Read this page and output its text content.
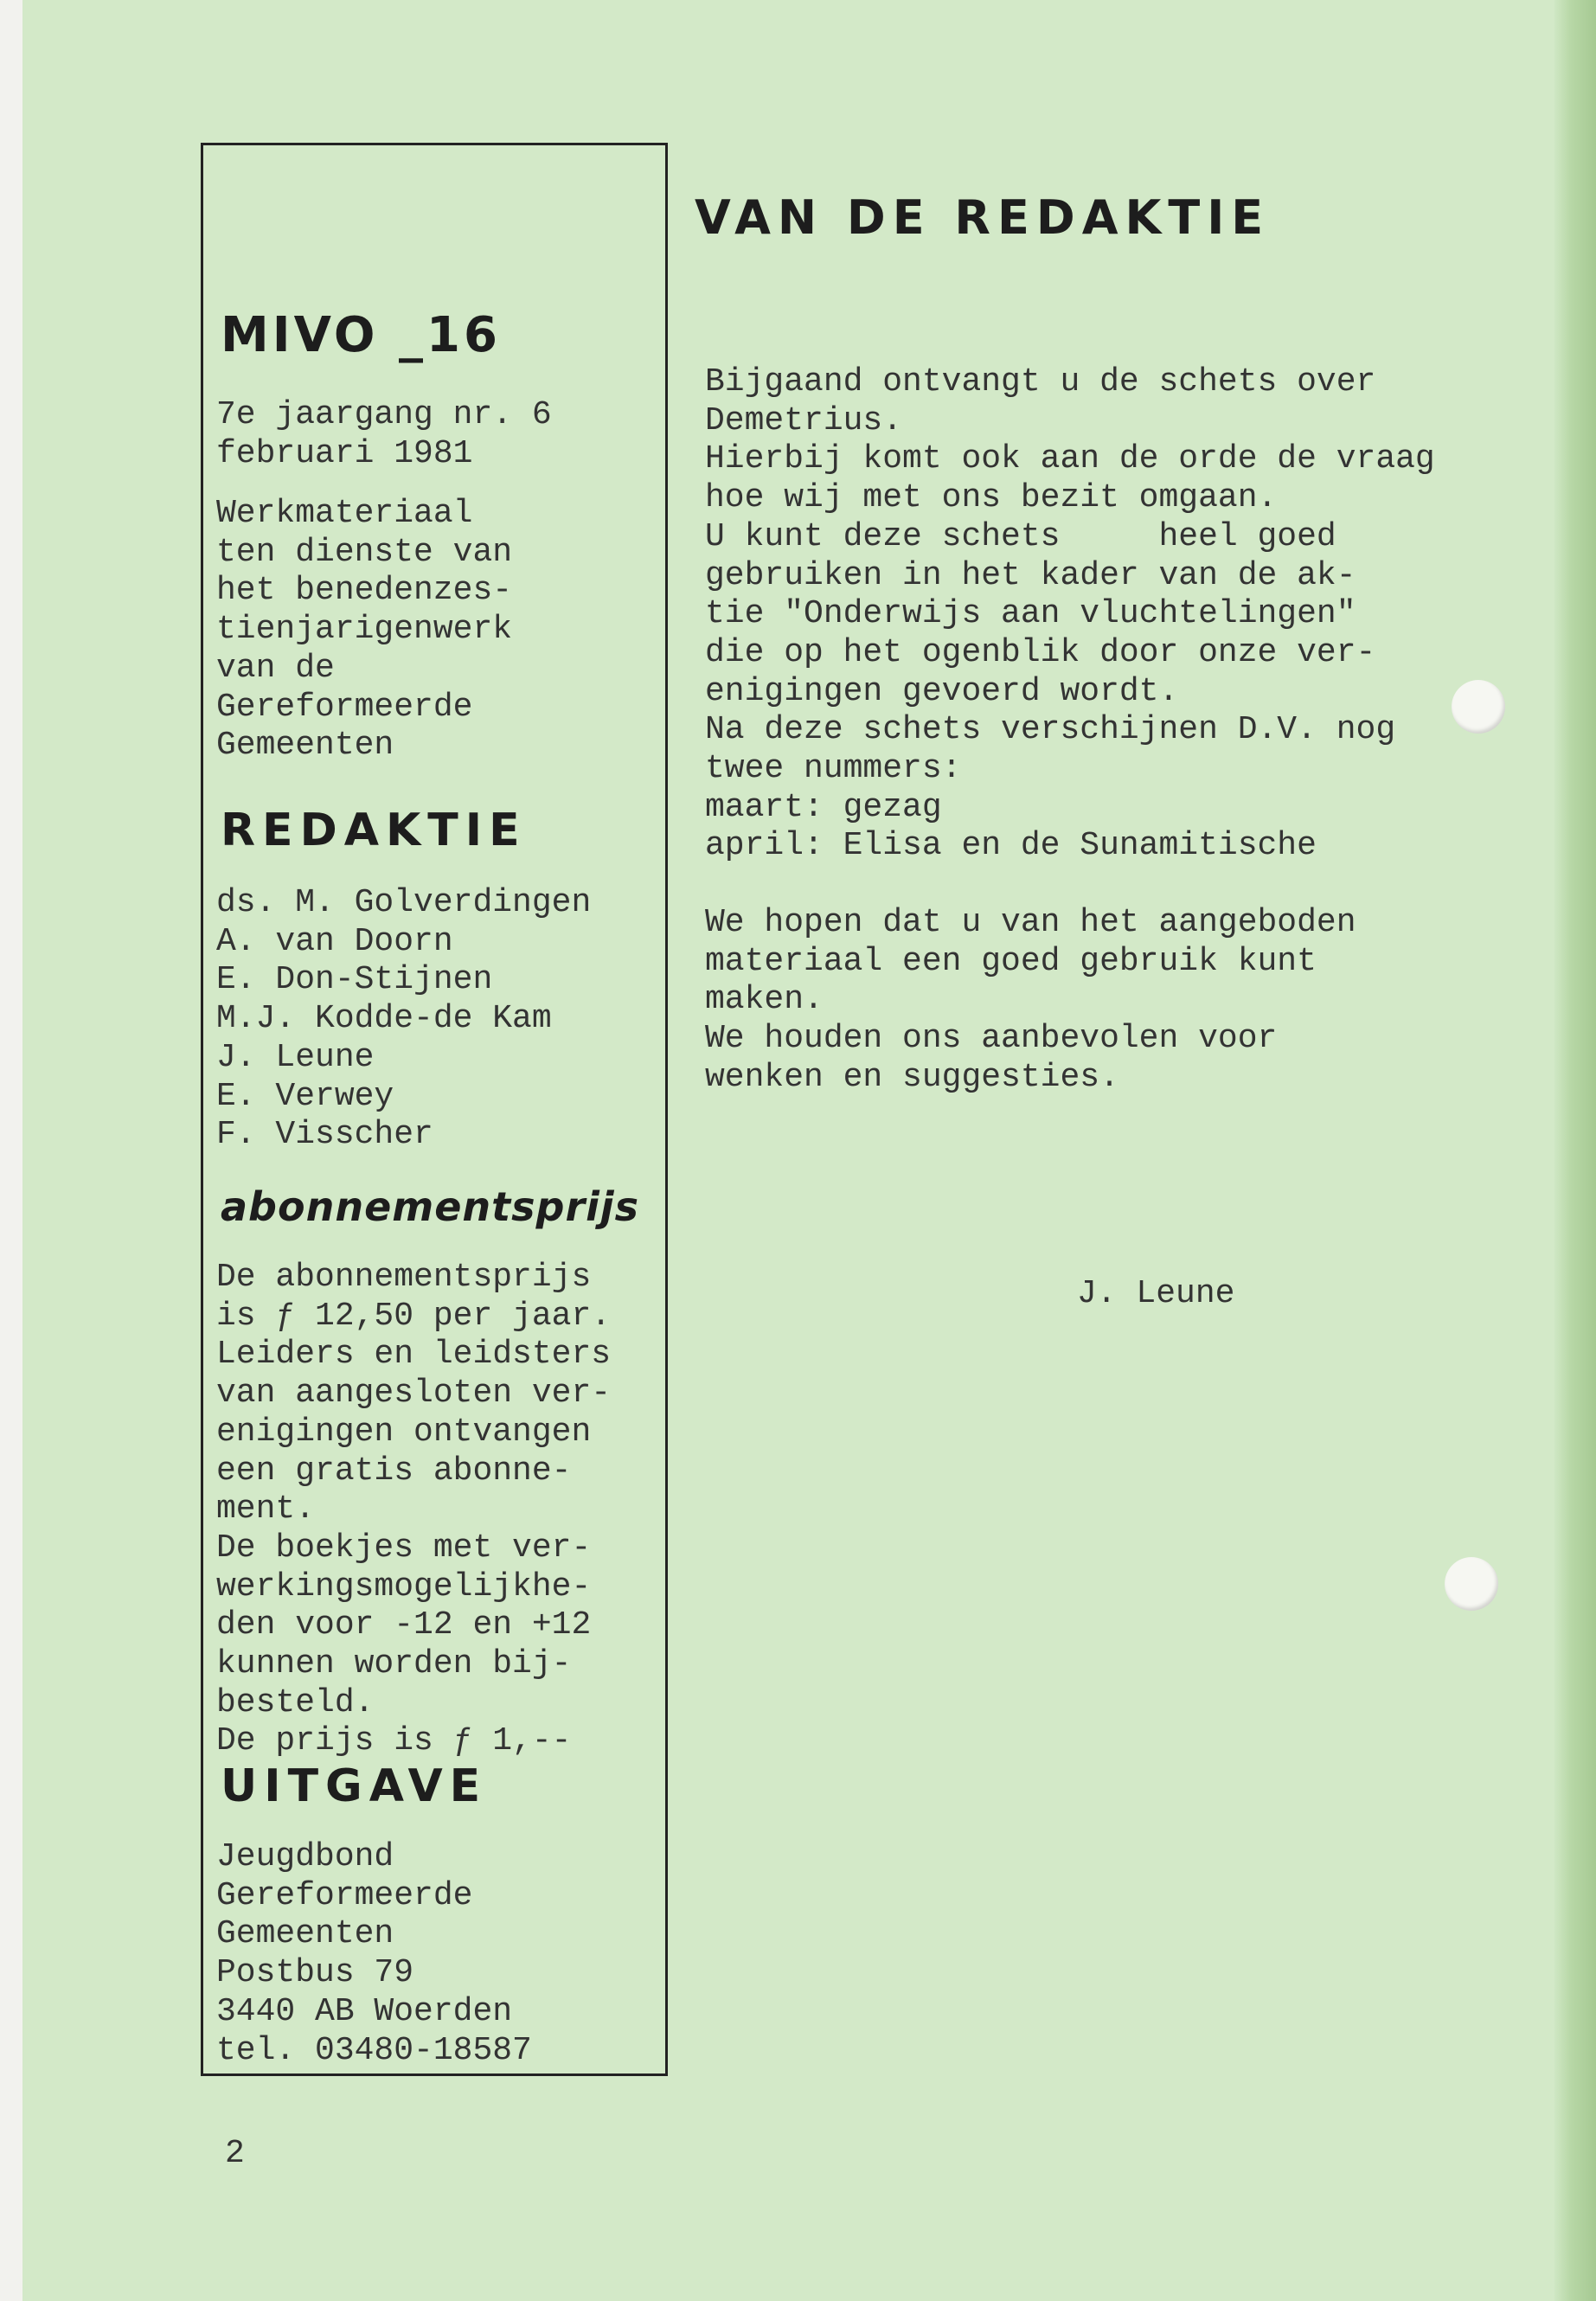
MIVO _16
7e jaargang nr. 6
februari 1981
Werkmateriaal
ten dienste van
het benedenzes-
tienjarigenwerk
van de
Gereformeerde
Gemeenten
REDAKTIE
ds. M. Golverdingen
A. van Doorn
E. Don-Stijnen
M.J. Kodde-de Kam
J. Leune
E. Verwey
F. Visscher
abonnementsprijs
De abonnementsprijs
is ƒ 12,50 per jaar.
Leiders en leidsters
van aangesloten ver-
enigingen ontvangen
een gratis abonne-
ment.
De boekjes met ver-
werkingsmogelijkhe-
den voor -12 en +12
kunnen worden bij-
besteld.
De prijs is ƒ 1,--
UITGAVE
Jeugdbond
Gereformeerde
Gemeenten
Postbus 79
3440 AB Woerden
tel. 03480-18587
VAN DE REDAKTIE
Bijgaand ontvangt u de schets over
Demetrius.
Hierbij komt ook aan de orde de vraag
hoe wij met ons bezit omgaan.
U kunt deze schets     heel goed
gebruiken in het kader van de ak-
tie "Onderwijs aan vluchtelingen"
die op het ogenblik door onze ver-
enigingen gevoerd wordt.
Na deze schets verschijnen D.V. nog
twee nummers:
maart: gezag
april: Elisa en de Sunamitische
We hopen dat u van het aangeboden
materiaal een goed gebruik kunt
maken.
We houden ons aanbevolen voor
wenken en suggesties.
J. Leune
2
